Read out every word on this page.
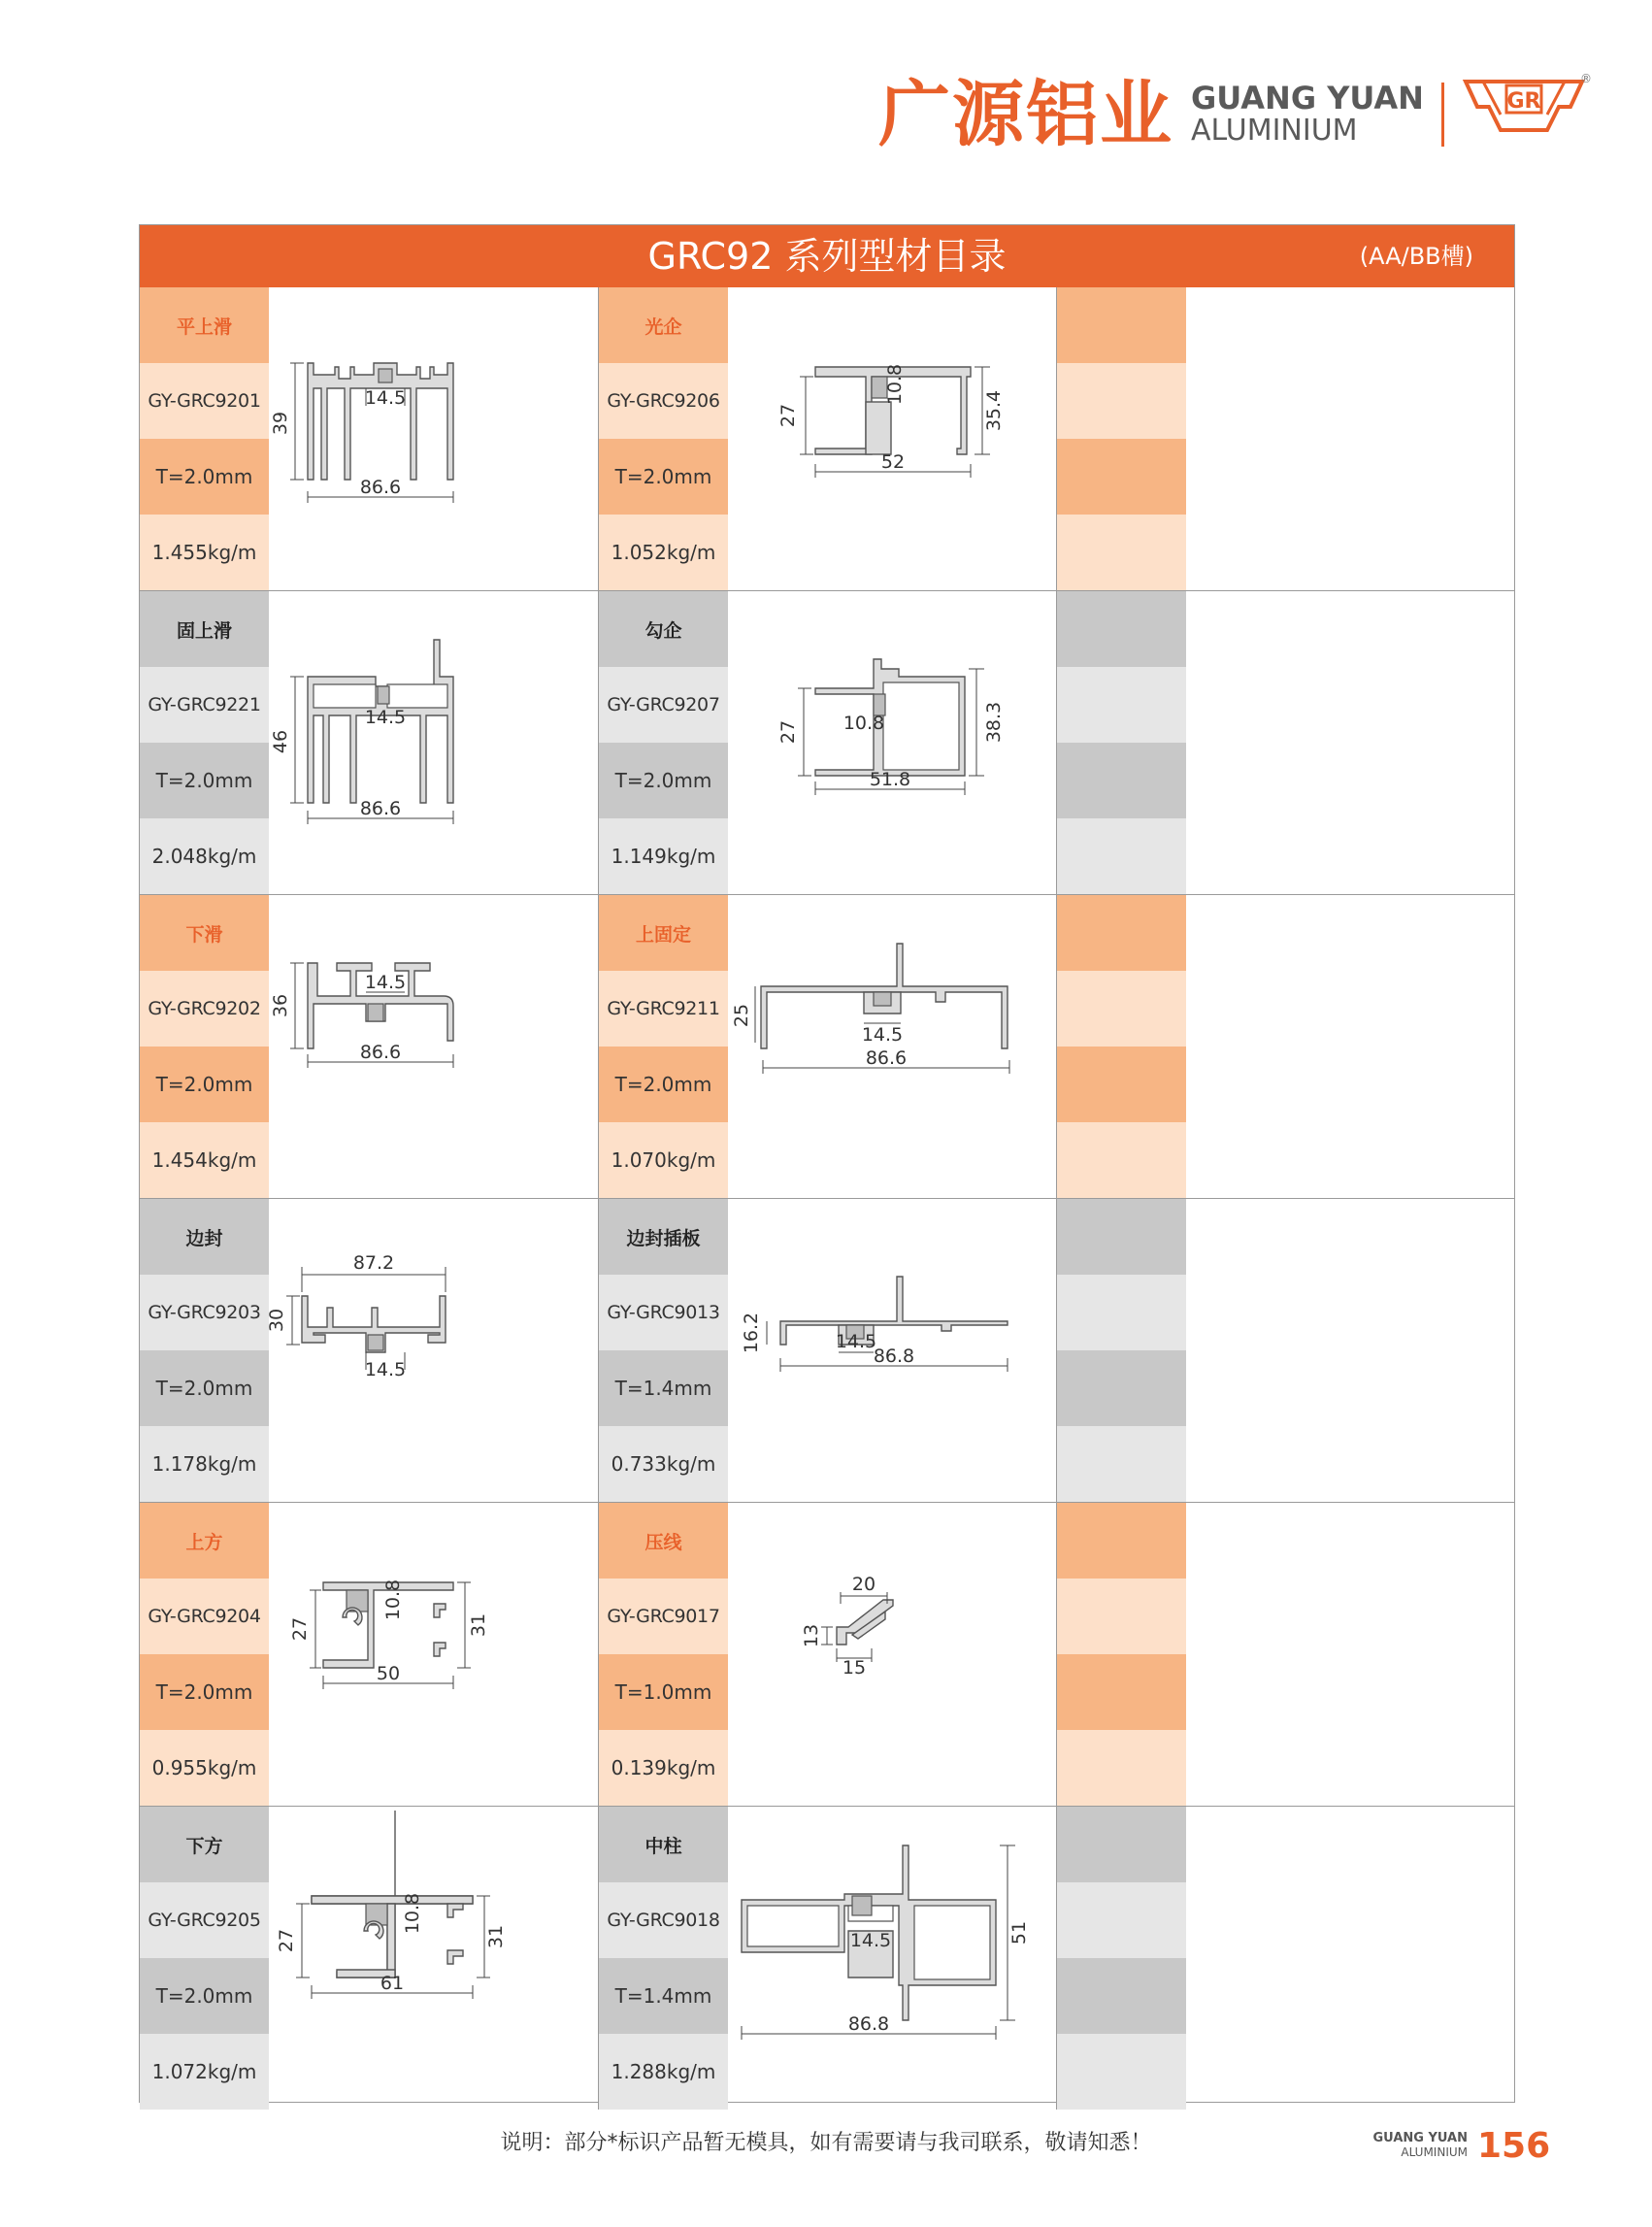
广源铝业 GUANG YUAN
ALUMINIUM
GR
®
GRC92 系列型材目录	(AA/BB槽)
平上滑
GY-GRC9201
T=2.0mm
1.455kg/m
39
86.6
14.5
光企
GY-GRC9206
T=2.0mm
1.052kg/m
27	35.4
52
10.8
固上滑
GY-GRC9221
T=2.0mm
2.048kg/m
46
86.6
14.5
勾企
GY-GRC9207
T=2.0mm
1.149kg/m
27	38.3
51.8
10.8
下滑
GY-GRC9202
T=2.0mm
1.454kg/m
36
86.6
14.5
上固定
GY-GRC9211
T=2.0mm
1.070kg/m
25
86.6
14.5
边封
GY-GRC9203
T=2.0mm
1.178kg/m
30
87.2
14.5
边封插板
GY-GRC9013
T=1.4mm
0.733kg/m
16.2
86.8
14.5
上方
GY-GRC9204
T=2.0mm
0.955kg/m
27	31
50
10.8
压线
GY-GRC9017
T=1.0mm
0.139kg/m
20
13
15
下方
GY-GRC9205
T=2.0mm
1.072kg/m
27	31
61
10.8
中柱
GY-GRC9018
T=1.4mm
1.288kg/m
51
86.8
14.5
说明：部分*标识产品暂无模具，如有需要请与我司联系，敬请知悉！	GUANG YUAN
ALUMINIUM 156
